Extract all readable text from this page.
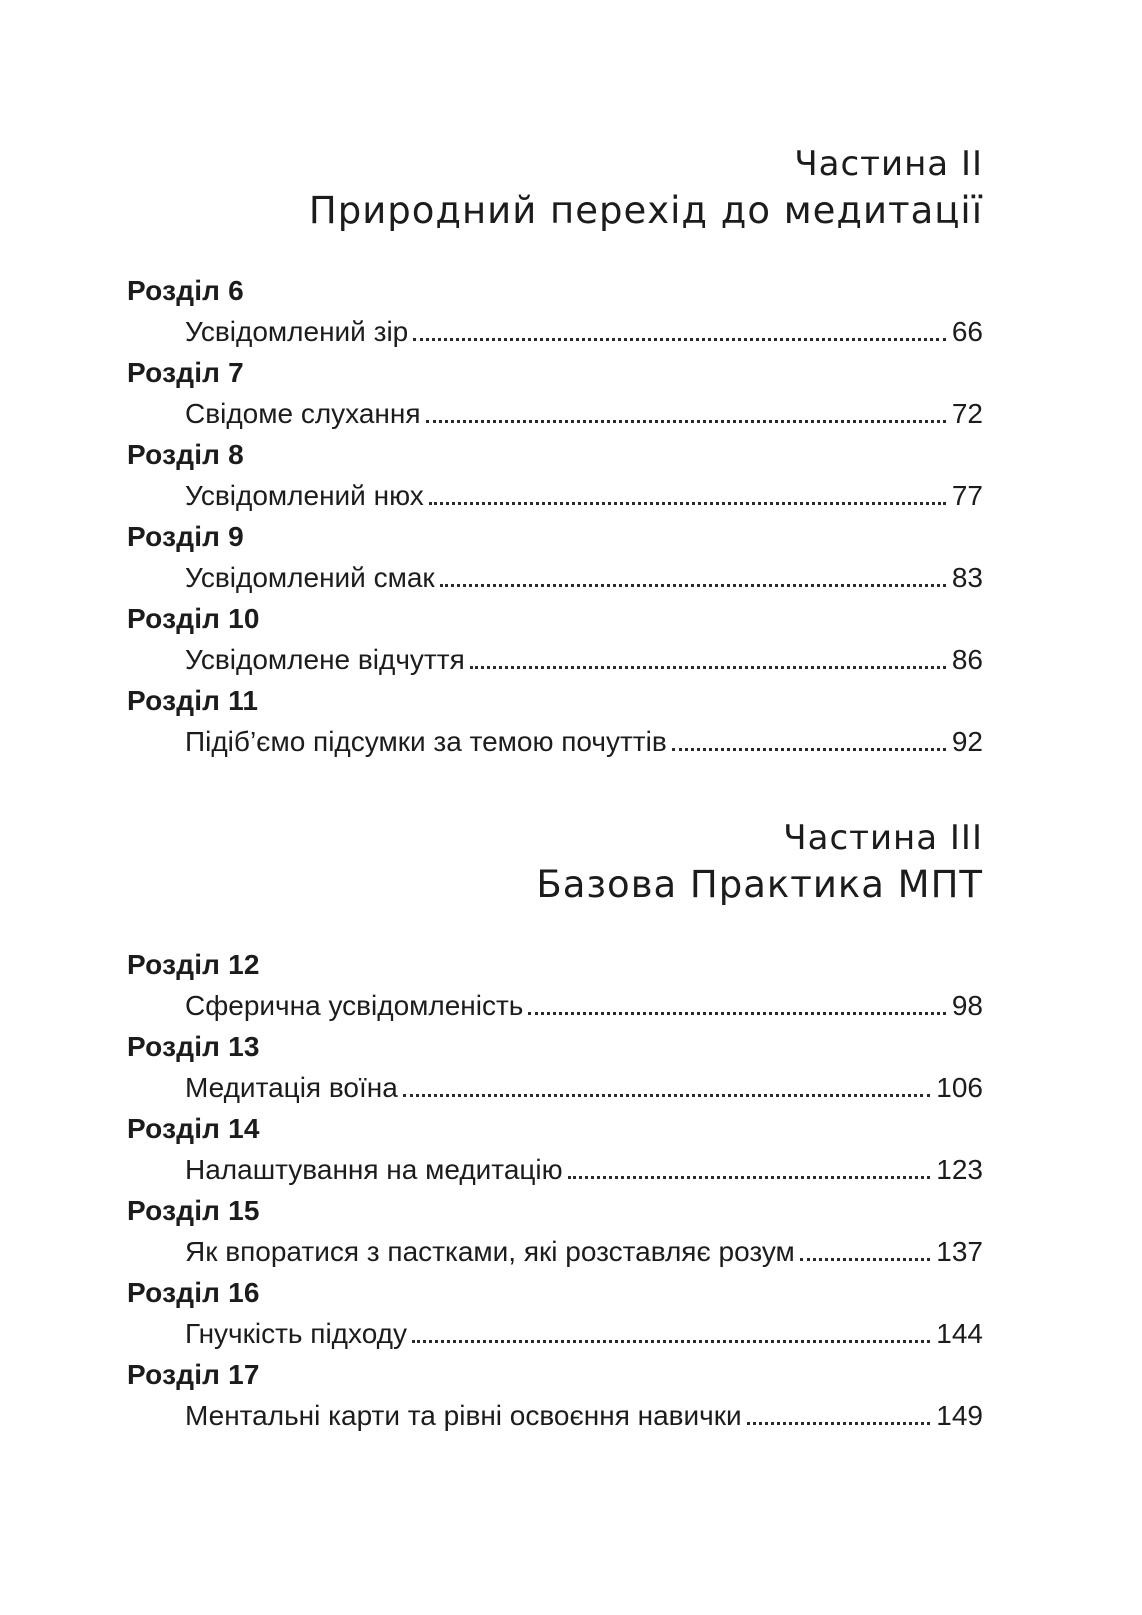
Частина II
Природний перехід до медитації
Розділ 6
Усвідомлений зір	66
Розділ 7
Свідоме слухання	72
Розділ 8
Усвідомлений нюх	77
Розділ 9
Усвідомлений смак	83
Розділ 10
Усвідомлене відчуття	86
Розділ 11
Підіб’ємо підсумки за темою почуттів	92
Частина III
Базова Практика МПТ
Розділ 12
Сферична усвідомленість	98
Розділ 13
Медитація воїна	106
Розділ 14
Налаштування на медитацію	123
Розділ 15
Як впоратися з пастками, які розставляє розум	137
Розділ 16
Гнучкість підходу	144
Розділ 17
Ментальні карти та рівні освоєння навички	149
